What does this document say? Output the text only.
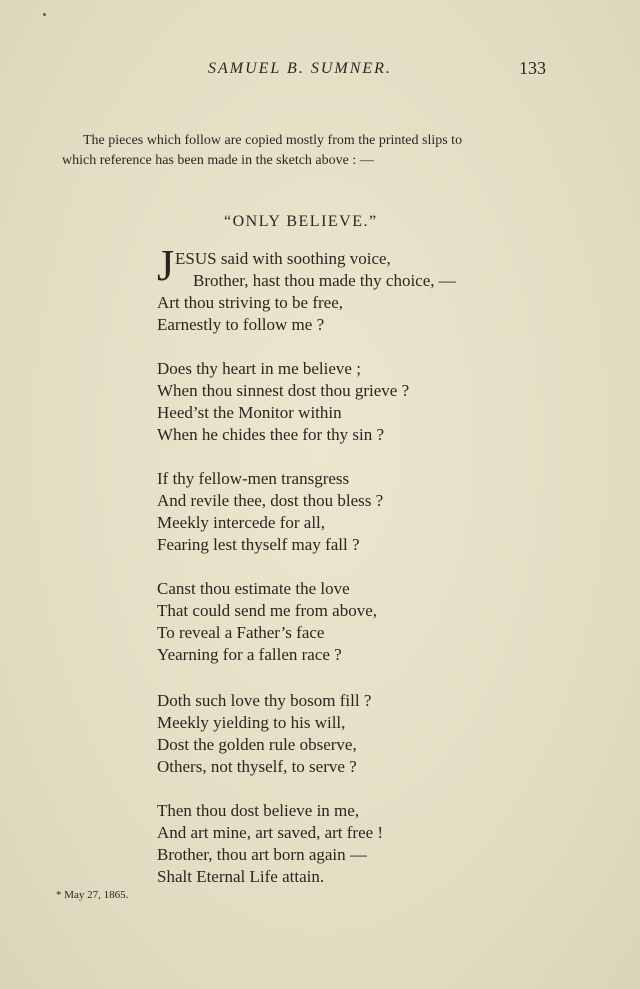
SAMUEL B. SUMNER.	133
The pieces which follow are copied mostly from the printed slips to
which reference has been made in the sketch above : —
“ONLY BELIEVE.”
J ESUS said with soothing voice,
Brother, hast thou made thy choice, —
Art thou striving to be free,
Earnestly to follow me ?
Does thy heart in me believe ;
When thou sinnest dost thou grieve ?
Heed’st the Monitor within
When he chides thee for thy sin ?
If thy fellow-men transgress
And revile thee, dost thou bless ?
Meekly intercede for all,
Fearing lest thyself may fall ?
Canst thou estimate the love
That could send me from above,
To reveal a Father’s face
Yearning for a fallen race ?
Doth such love thy bosom fill ?
Meekly yielding to his will,
Dost the golden rule observe,
Others, not thyself, to serve ?
Then thou dost believe in me,
And art mine, art saved, art free !
Brother, thou art born again —
Shalt Eternal Life attain.
* May 27, 1865.
